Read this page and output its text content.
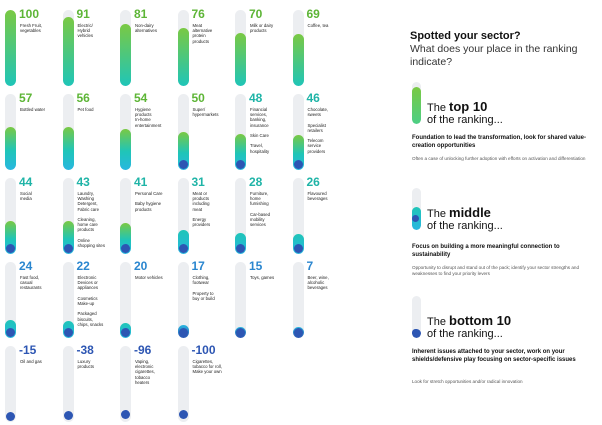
100
Fresh Fruit,
vegetables
91
Electric/
Hybrid
vehicles
81
Non-dairy
alternatives
76
Meat
alternative
protein
products
70
Milk or dairy
products
69
Coffee, tea
57
Bottled water
56
Pet food
54
Hygiene
products
In-home
entertainment
50
Super/
hypermarkets
48
Financial
services,
banking,
insurance

Skin Care

Travel,
hospitality
46
Chocolate,
sweets

Specialist
retailers

Telecom
service
providers
44
Social
media
43
Laundry,
Washing
Detergent,
Fabric care

Cleaning,
home care
products

Online
shopping sites
41
Personal Care

Baby hygiene
products
31
Meat or
products
including
meat

Energy
providers
28
Furniture,
home
furnishing

Car-based
mobility
services
26
Flavoured
beverages
24
Fast food,
casual
restaurants
22
Electronic
Devices or
appliances

Cosmetics
Make-up

Packaged
biscuits,
chips, snacks
20
Motor vehicles
17
Clothing,
footwear

Property to
buy or build
15
Toys, games
7
Beer, wine,
alcoholic
beverages
-15
Oil and gas
-38
Luxury
products
-96
Vaping,
electronic
cigarettes,
tobacco
heaters
-100
Cigarettes,
tobacco for roll,
Make your own
Spotted your sector?
What does your place in the ranking indicate?
The top 10
of the ranking...
Foundation to lead the transformation, look for shared value-creation opportunities
Often a case of unlocking further adoption with efforts on activation and differentiation
The middle
of the ranking...
Focus on building a more meaningful connection to sustainability
Opportunity to disrupt and stand out of the pack; identify your sector strengths and weaknesses to find your priority levers
The bottom 10
of the ranking...
Inherent issues attached to your sector, work on your shields/defensive play focusing on sector-specific issues
Look for stretch opportunities and/or radical innovation
